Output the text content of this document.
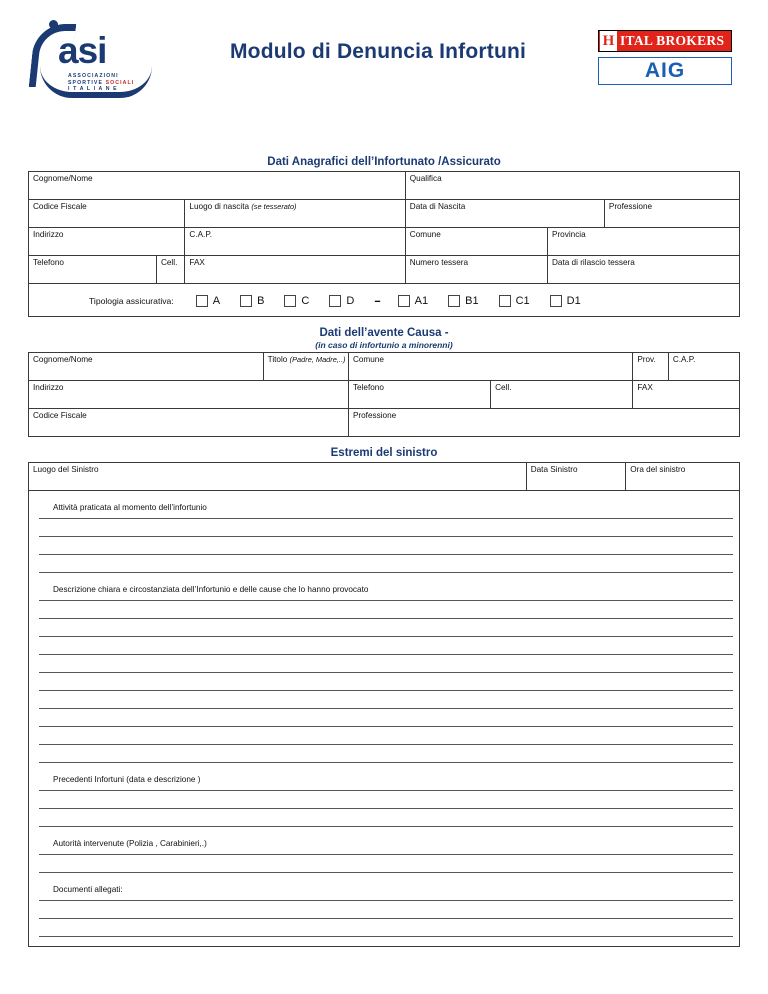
asi
ASSOCIAZIONI
SPORTIVE SOCIALI
I T A L I A N E
Modulo di Denuncia Infortuni	H ITAL BROKERS
AIG
Dati Anagrafici dell’Infortunato /Assicurato
Cognome/Nome			Qualifica		
Codice Fiscale		Luogo di nascita (se tesserato)	Data di Nascita		Professione
Indirizzo		C.A.P.	Comune	Provincia	
Telefono	Cell.	FAX	Numero tessera	Data di rilascio tessera	

Tipologia assicurativa:	A	B	C	D --	A1	B1	C1	D1
Dati dell’avente Causa -
(in caso di infortunio a minorenni)
Cognome/Nome	Titolo (Padre, Madre,..)	Comune		Prov.	C.A.P.
Indirizzo		Telefono	Cell.	FAX	
Codice Fiscale		Professione			
Estremi del sinistro
Luogo del Sinistro	Data Sinistro	Ora del sinistro
Attività praticata al momento dell’infortunio
Descrizione chiara e circostanziata dell’Infortunio e delle cause che lo hanno provocato
Precedenti Infortuni (data e descrizione )
Autorità intervenute (Polizia , Carabinieri,.)
Documenti allegati:
